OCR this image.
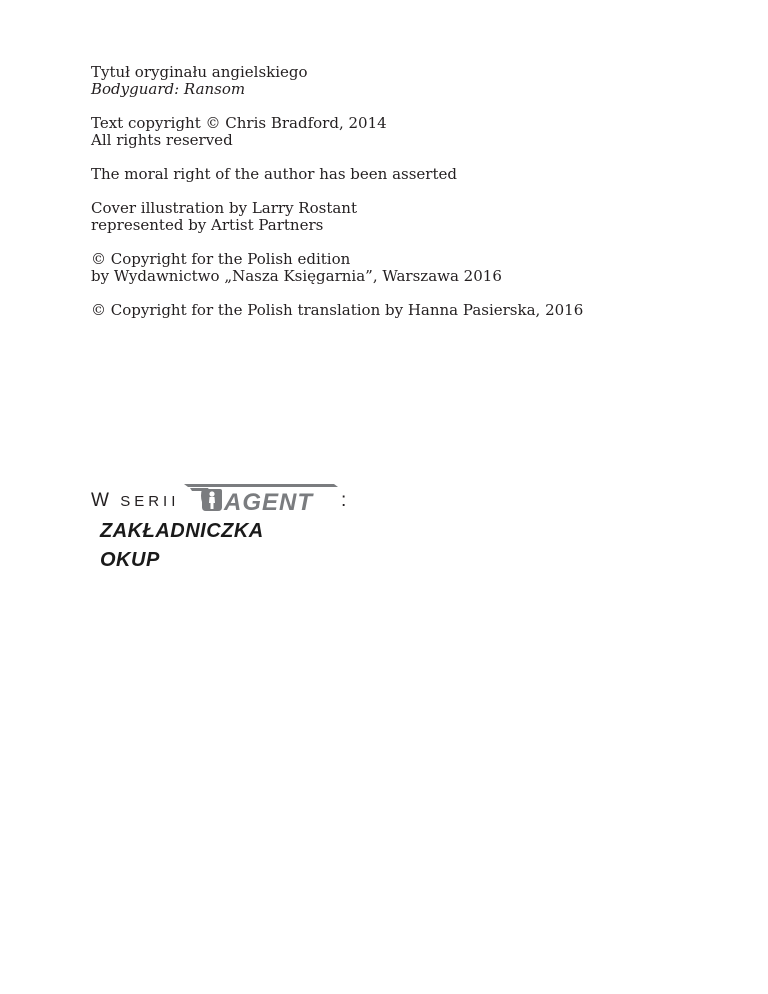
Tytuł oryginału angielskiego
Bodyguard: Ransom

Text copyright © Chris Bradford, 2014
All rights reserved

The moral right of the author has been asserted

Cover illustration by Larry Rostant
represented by Artist Partners

© Copyright for the Polish edition
by Wydawnictwo „Nasza Księgarnia”, Warszawa 2016

© Copyright for the Polish translation by Hanna Pasierska, 2016

W SERII AGENT :
ZAKŁADNICZKA
OKUP
